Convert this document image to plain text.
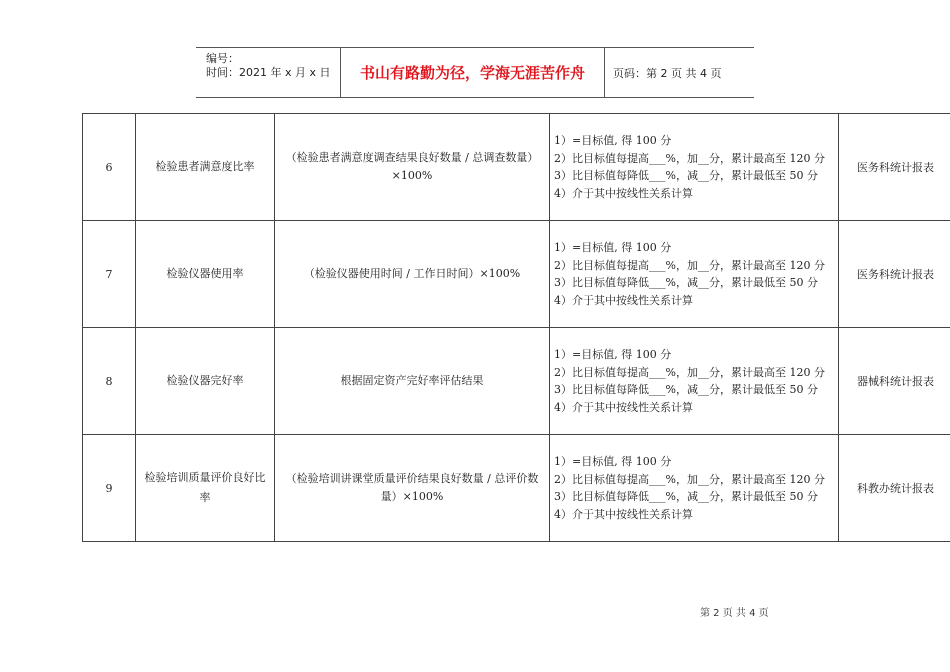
编号：
时间：2021 年 x 月 x 日	书山有路勤为径，学海无涯苦作舟	页码：第 2 页 共 4 页
6	检验患者满意度比率	（检验患者满意度调查结果良好数量 / 总调查数量）×100%	1）=目标值, 得 100 分
2）比目标值每提高___%，加__分，累计最高至 120 分
3）比目标值每降低___%，减__分，累计最低至 50 分
4）介于其中按线性关系计算	医务科统计报表
7	检验仪器使用率	（检验仪器使用时间 / 工作日时间）×100%	1）=目标值, 得 100 分
2）比目标值每提高___%，加__分，累计最高至 120 分
3）比目标值每降低___%，减__分，累计最低至 50 分
4）介于其中按线性关系计算	医务科统计报表
8	检验仪器完好率	根据固定资产完好率评估结果	1）=目标值, 得 100 分
2）比目标值每提高___%，加__分，累计最高至 120 分
3）比目标值每降低___%，减__分，累计最低至 50 分
4）介于其中按线性关系计算	器械科统计报表
9	检验培训质量评价良好比率	（检验培训讲课堂质量评价结果良好数量 / 总评价数量）×100%	1）=目标值, 得 100 分
2）比目标值每提高___%，加__分，累计最高至 120 分
3）比目标值每降低___%，减__分，累计最低至 50 分
4）介于其中按线性关系计算	科教办统计报表
第 2 页 共 4 页
